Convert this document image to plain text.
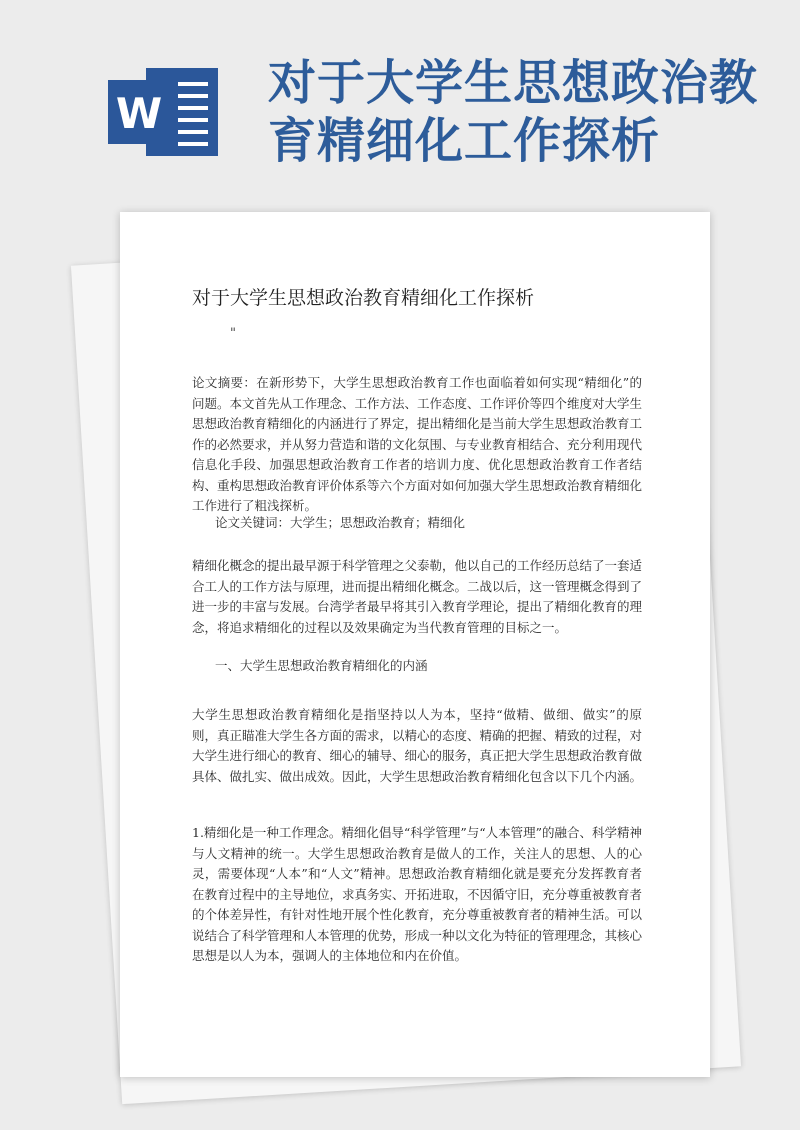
W
对于大学生思想政治教育精细化工作探析
对于大学生思想政治教育精细化工作探析
"

论文摘要：在新形势下，大学生思想政治教育工作也面临着如何实现“精细化”的问题。本文首先从工作理念、工作方法、工作态度、工作评价等四个维度对大学生思想政治教育精细化的内涵进行了界定，提出精细化是当前大学生思想政治教育工作的必然要求，并从努力营造和谐的文化氛围、与专业教育相结合、充分利用现代信息化手段、加强思想政治教育工作者的培训力度、优化思想政治教育工作者结构、重构思想政治教育评价体系等六个方面对如何加强大学生思想政治教育精细化工作进行了粗浅探析。

论文关键词：大学生；思想政治教育；精细化

精细化概念的提出最早源于科学管理之父泰勒，他以自己的工作经历总结了一套适合工人的工作方法与原理，进而提出精细化概念。二战以后，这一管理概念得到了进一步的丰富与发展。台湾学者最早将其引入教育学理论，提出了精细化教育的理念，将追求精细化的过程以及效果确定为当代教育管理的目标之一。

一、大学生思想政治教育精细化的内涵

大学生思想政治教育精细化是指坚持以人为本，坚持“做精、做细、做实”的原则，真正瞄准大学生各方面的需求，以精心的态度、精确的把握、精致的过程，对大学生进行细心的教育、细心的辅导、细心的服务，真正把大学生思想政治教育做具体、做扎实、做出成效。因此，大学生思想政治教育精细化包含以下几个内涵。

1.精细化是一种工作理念。精细化倡导“科学管理”与“人本管理”的融合、科学精神与人文精神的统一。大学生思想政治教育是做人的工作，关注人的思想、人的心灵，需要体现“人本”和“人文”精神。思想政治教育精细化就是要充分发挥教育者在教育过程中的主导地位，求真务实、开拓进取，不因循守旧，充分尊重被教育者的个体差异性，有针对性地开展个性化教育，充分尊重被教育者的精神生活。可以说结合了科学管理和人本管理的优势，形成一种以文化为特征的管理理念，其核心思想是以人为本，强调人的主体地位和内在价值。
